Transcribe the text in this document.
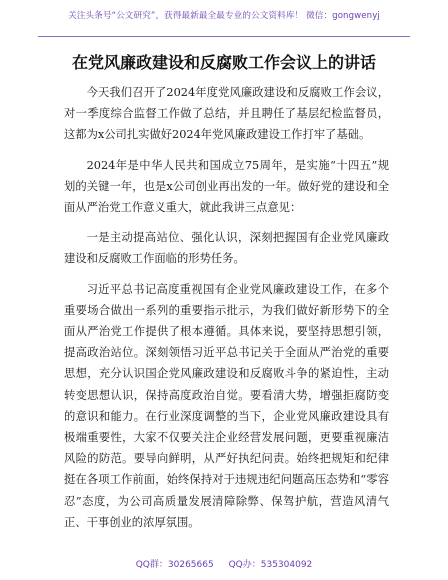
关注头条号“公文研究”，获得最新最全最专业的公文资料库！ 微信：gongwenyj
在党风廉政建设和反腐败工作会议上的讲话

今天我们召开了2024年度党风廉政建设和反腐败工作会议，对一季度综合监督工作做了总结，并且聘任了基层纪检监督员，这都为x公司扎实做好2024年党风廉政建设工作打牢了基础。

2024年是中华人民共和国成立75周年，是实施“十四五”规划的关键一年，也是x公司创业再出发的一年。做好党的建设和全面从严治党工作意义重大，就此我讲三点意见：

一是主动提高站位、强化认识，深刻把握国有企业党风廉政建设和反腐败工作面临的形势任务。

习近平总书记高度重视国有企业党风廉政建设工作，在多个重要场合做出一系列的重要指示批示，为我们做好新形势下的全面从严治党工作提供了根本遵循。具体来说，要坚持思想引领，提高政治站位。深刻领悟习近平总书记关于全面从严治党的重要思想，充分认识国企党风廉政建设和反腐败斗争的紧迫性，主动转变思想认识，保持高度政治自觉。要看清大势，增强拒腐防变的意识和能力。在行业深度调整的当下，企业党风廉政建设具有极端重要性，大家不仅要关注企业经营发展问题，更要重视廉洁风险的防范。要导向鲜明，从严好执纪问责。始终把规矩和纪律挺在各项工作前面，始终保持对于违规违纪问题高压态势和“零容忍”态度，为公司高质量发展清障除弊、保驾护航，营造风清气正、干事创业的浓厚氛围。

QQ群：30265665 QQ办：535304092
